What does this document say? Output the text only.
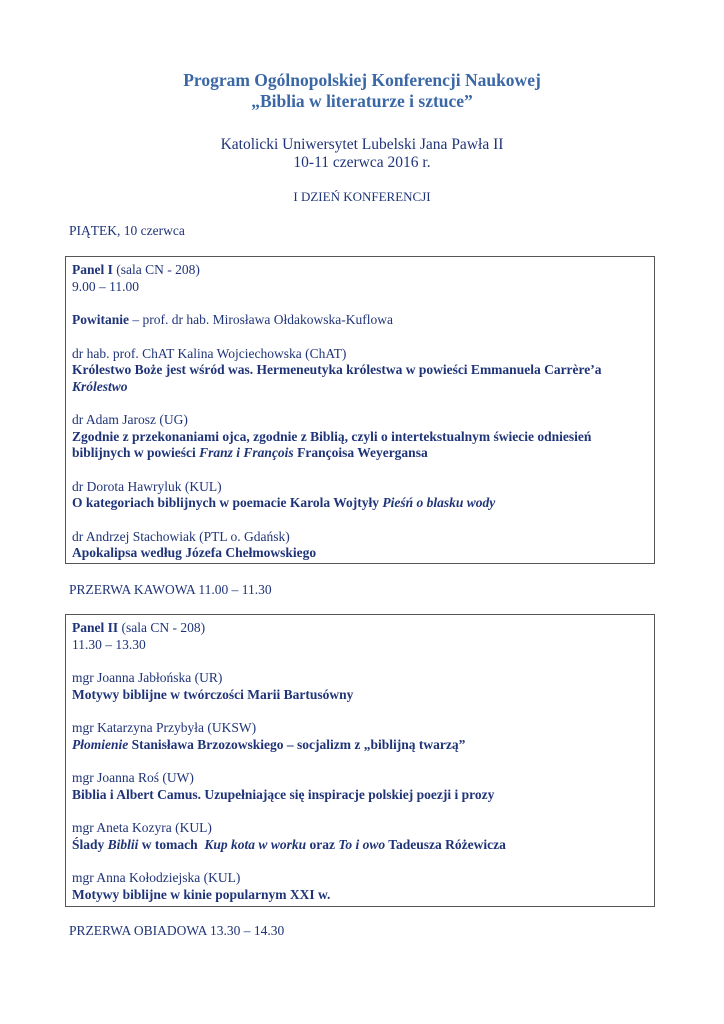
Program Ogólnopolskiej Konferencji Naukowej
„Biblia w literaturze i sztuce”
Katolicki Uniwersytet Lubelski Jana Pawła II
10-11 czerwca 2016 r.
I DZIEŃ KONFERENCJI
PIĄTEK, 10 czerwca
Panel I (sala CN - 208)
9.00 – 11.00
Powitanie – prof. dr hab. Mirosława Ołdakowska-Kuflowa
dr hab. prof. ChAT Kalina Wojciechowska (ChAT)
Królestwo Boże jest wśród was. Hermeneutyka królestwa w powieści Emmanuela Carrère’a
Królestwo
dr Adam Jarosz (UG)
Zgodnie z przekonaniami ojca, zgodnie z Biblią, czyli o intertekstualnym świecie odniesień
biblijnych w powieści Franz i François Françoisa Weyergansa
dr Dorota Hawryluk (KUL)
O kategoriach biblijnych w poemacie Karola Wojtyły Pieśń o blasku wody
dr Andrzej Stachowiak (PTL o. Gdańsk)
Apokalipsa według Józefa Chełmowskiego
PRZERWA KAWOWA 11.00 – 11.30
Panel II (sala CN - 208)
11.30 – 13.30
mgr Joanna Jabłońska (UR)
Motywy biblijne w twórczości Marii Bartusówny
mgr Katarzyna Przybyła (UKSW)
Płomienie Stanisława Brzozowskiego – socjalizm z „biblijną twarzą”
mgr Joanna Roś (UW)
Biblia i Albert Camus. Uzupełniające się inspiracje polskiej poezji i prozy
mgr Aneta Kozyra (KUL)
Ślady Biblii w tomach  Kup kota w worku oraz To i owo Tadeusza Różewicza
mgr Anna Kołodziejska (KUL)
Motywy biblijne w kinie popularnym XXI w.
PRZERWA OBIADOWA 13.30 – 14.30
